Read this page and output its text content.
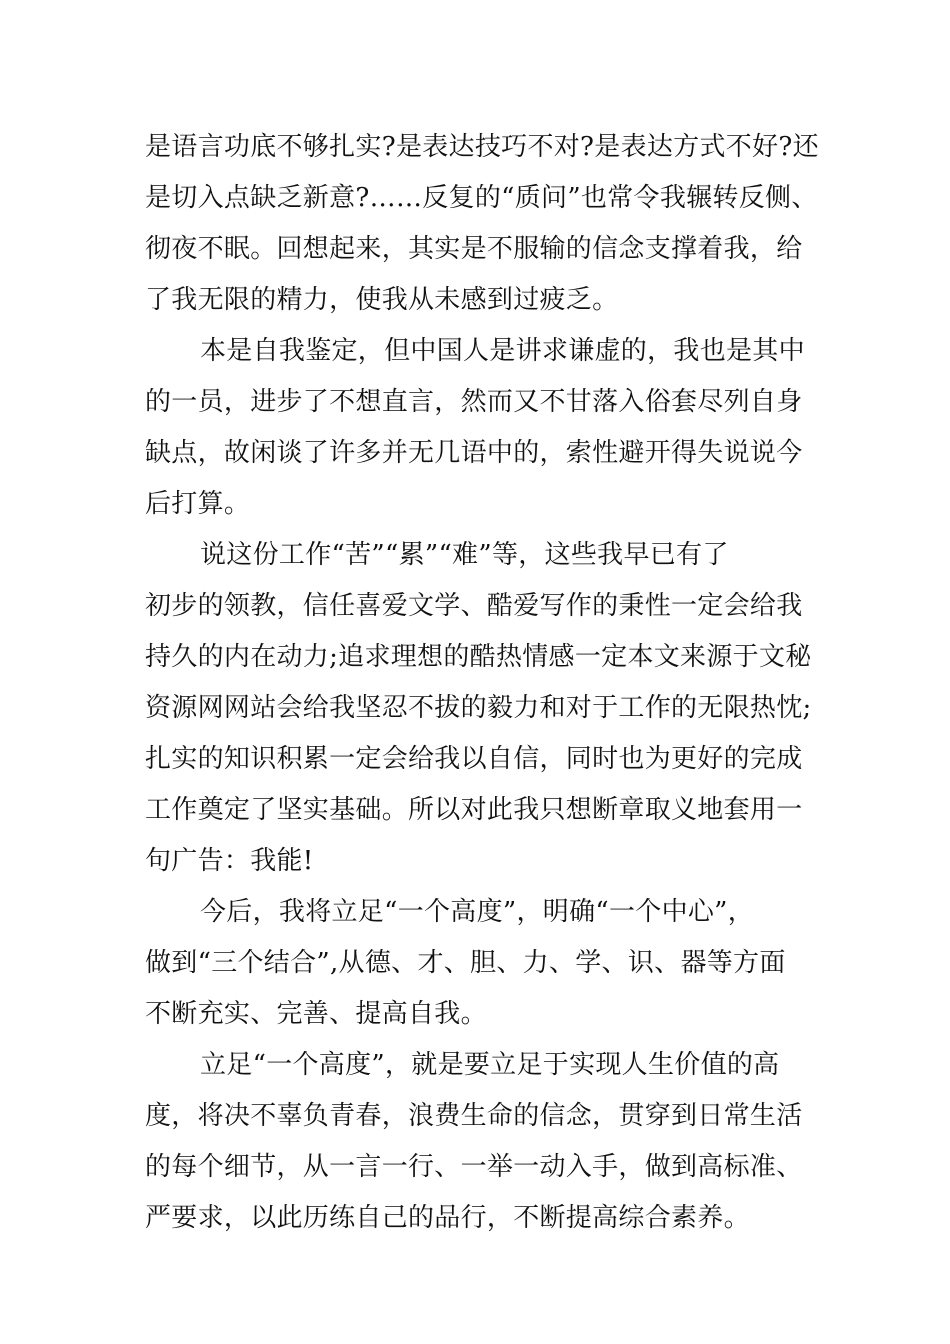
是语言功底不够扎实?是表达技巧不对?是表达方式不好?还
是切入点缺乏新意?……反复的“质问”也常令我辗转反侧、
彻夜不眠。回想起来，其实是不服输的信念支撑着我，给
了我无限的精力，使我从未感到过疲乏。
本是自我鉴定，但中国人是讲求谦虚的，我也是其中
的一员，进步了不想直言，然而又不甘落入俗套尽列自身
缺点，故闲谈了许多并无几语中的，索性避开得失说说今
后打算。
说这份工作“苦”“累”“难”等，这些我早已有了
初步的领教，信任喜爱文学、酷爱写作的秉性一定会给我
持久的内在动力;追求理想的酷热情感一定本文来源于文秘
资源网网站会给我坚忍不拔的毅力和对于工作的无限热忱;
扎实的知识积累一定会给我以自信，同时也为更好的完成
工作奠定了坚实基础。所以对此我只想断章取义地套用一
句广告：我能!
今后，我将立足“一个高度”，明确“一个中心”，
做到“三个结合”,从德、才、胆、力、学、识、器等方面
不断充实、完善、提高自我。
立足“一个高度”，就是要立足于实现人生价值的高
度，将决不辜负青春，浪费生命的信念，贯穿到日常生活
的每个细节，从一言一行、一举一动入手，做到高标准、
严要求，以此历练自己的品行，不断提高综合素养。
